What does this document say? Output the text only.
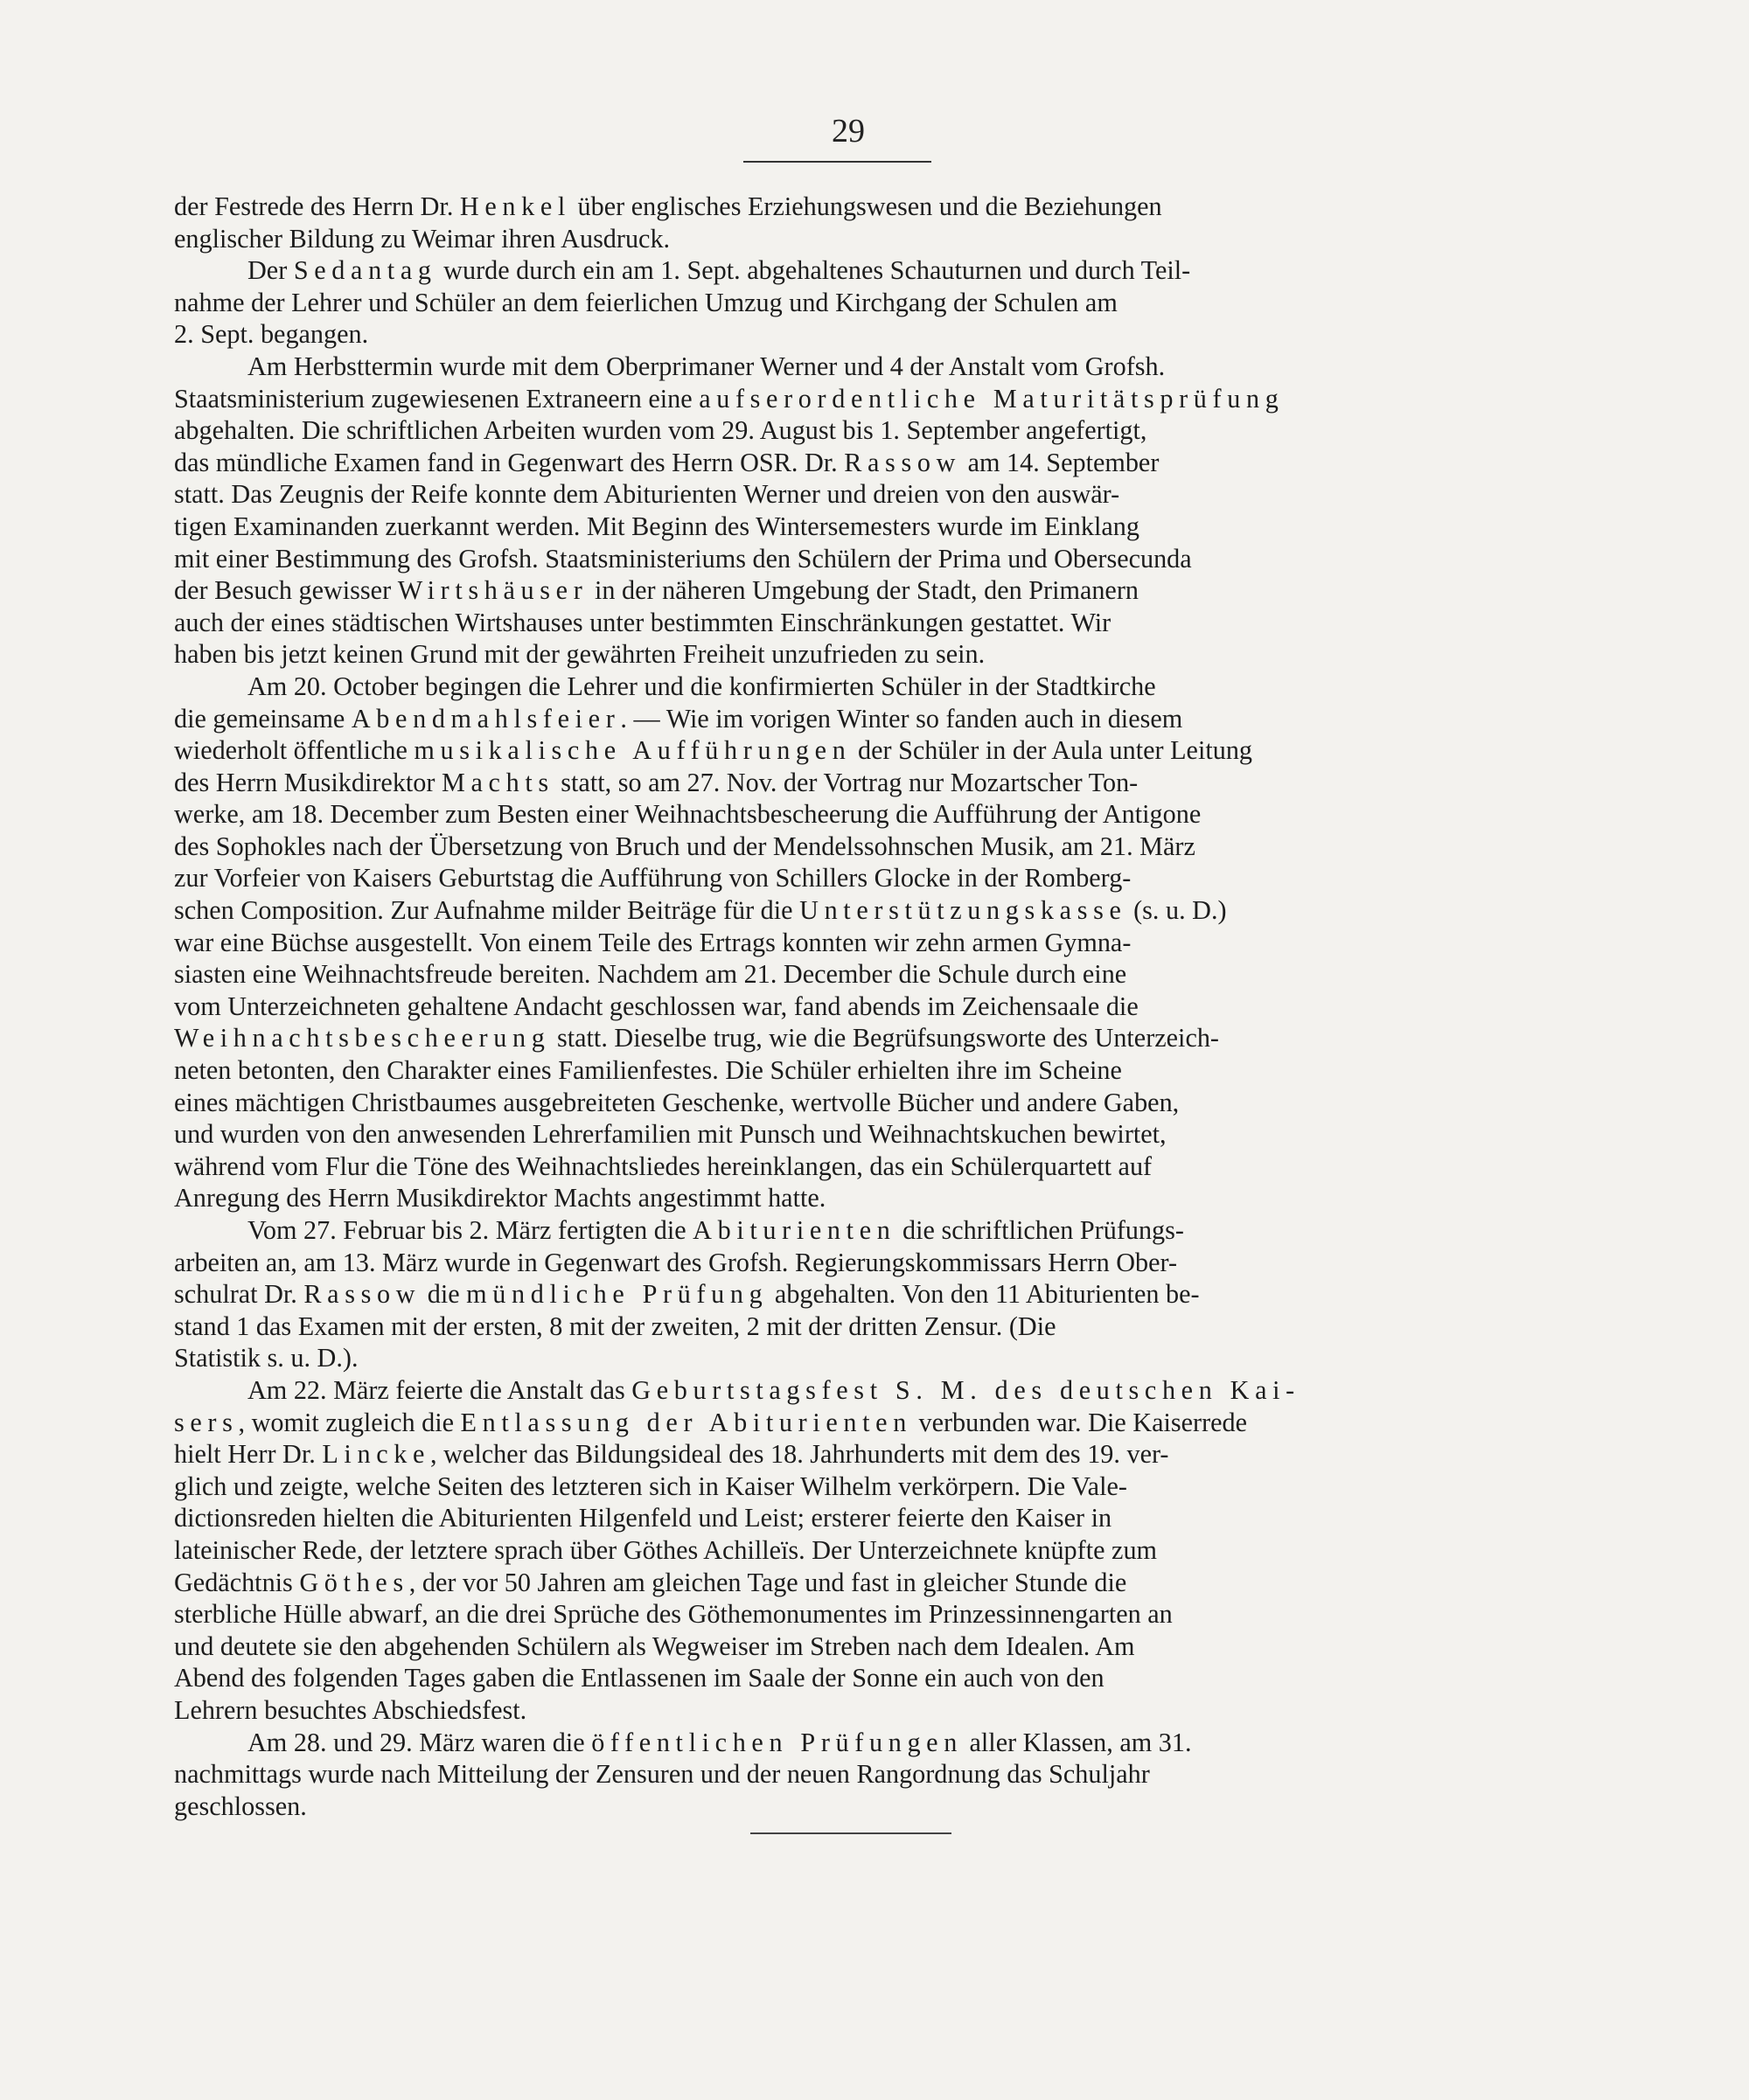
29
der Festrede des Herrn Dr. Henkel über englisches Erziehungswesen und die Beziehungen
englischer Bildung zu Weimar ihren Ausdruck.
Der Sedantag wurde durch ein am 1. Sept. abgehaltenes Schauturnen und durch Teil-
nahme der Lehrer und Schüler an dem feierlichen Umzug und Kirchgang der Schulen am
2. Sept. begangen.
Am Herbsttermin wurde mit dem Oberprimaner Werner und 4 der Anstalt vom Grofsh.
Staatsministerium zugewiesenen Extraneern eine aufserordentliche Maturitätsprüfung
abgehalten. Die schriftlichen Arbeiten wurden vom 29. August bis 1. September angefertigt,
das mündliche Examen fand in Gegenwart des Herrn OSR. Dr. Rassow am 14. September
statt. Das Zeugnis der Reife konnte dem Abiturienten Werner und dreien von den auswär-
tigen Examinanden zuerkannt werden. Mit Beginn des Wintersemesters wurde im Einklang
mit einer Bestimmung des Grofsh. Staatsministeriums den Schülern der Prima und Obersecunda
der Besuch gewisser Wirtshäuser in der näheren Umgebung der Stadt, den Primanern
auch der eines städtischen Wirtshauses unter bestimmten Einschränkungen gestattet. Wir
haben bis jetzt keinen Grund mit der gewährten Freiheit unzufrieden zu sein.
Am 20. October begingen die Lehrer und die konfirmierten Schüler in der Stadtkirche
die gemeinsame Abendmahlsfeier. — Wie im vorigen Winter so fanden auch in diesem
wiederholt öffentliche musikalische Aufführungen der Schüler in der Aula unter Leitung
des Herrn Musikdirektor Machts statt, so am 27. Nov. der Vortrag nur Mozartscher Ton-
werke, am 18. December zum Besten einer Weihnachtsbescheerung die Aufführung der Antigone
des Sophokles nach der Übersetzung von Bruch und der Mendelssohnschen Musik, am 21. März
zur Vorfeier von Kaisers Geburtstag die Aufführung von Schillers Glocke in der Romberg-
schen Composition. Zur Aufnahme milder Beiträge für die Unterstützungskasse (s. u. D.)
war eine Büchse ausgestellt. Von einem Teile des Ertrags konnten wir zehn armen Gymna-
siasten eine Weihnachtsfreude bereiten. Nachdem am 21. December die Schule durch eine
vom Unterzeichneten gehaltene Andacht geschlossen war, fand abends im Zeichensaale die
Weihnachtsbescheerung statt. Dieselbe trug, wie die Begrüfsungsworte des Unterzeich-
neten betonten, den Charakter eines Familienfestes. Die Schüler erhielten ihre im Scheine
eines mächtigen Christbaumes ausgebreiteten Geschenke, wertvolle Bücher und andere Gaben,
und wurden von den anwesenden Lehrerfamilien mit Punsch und Weihnachtskuchen bewirtet,
während vom Flur die Töne des Weihnachtsliedes hereinklangen, das ein Schülerquartett auf
Anregung des Herrn Musikdirektor Machts angestimmt hatte.
Vom 27. Februar bis 2. März fertigten die Abiturienten die schriftlichen Prüfungs-
arbeiten an, am 13. März wurde in Gegenwart des Grofsh. Regierungskommissars Herrn Ober-
schulrat Dr. Rassow die mündliche Prüfung abgehalten. Von den 11 Abiturienten be-
stand 1 das Examen mit der ersten, 8 mit der zweiten, 2 mit der dritten Zensur. (Die
Statistik s. u. D.).
Am 22. März feierte die Anstalt das Geburtstagsfest S. M. des deutschen Kai-
sers, womit zugleich die Entlassung der Abiturienten verbunden war. Die Kaiserrede
hielt Herr Dr. Lincke, welcher das Bildungsideal des 18. Jahrhunderts mit dem des 19. ver-
glich und zeigte, welche Seiten des letzteren sich in Kaiser Wilhelm verkörpern. Die Vale-
dictionsreden hielten die Abiturienten Hilgenfeld und Leist; ersterer feierte den Kaiser in
lateinischer Rede, der letztere sprach über Göthes Achilleïs. Der Unterzeichnete knüpfte zum
Gedächtnis Göthes, der vor 50 Jahren am gleichen Tage und fast in gleicher Stunde die
sterbliche Hülle abwarf, an die drei Sprüche des Göthemonumentes im Prinzessinnengarten an
und deutete sie den abgehenden Schülern als Wegweiser im Streben nach dem Idealen. Am
Abend des folgenden Tages gaben die Entlassenen im Saale der Sonne ein auch von den
Lehrern besuchtes Abschiedsfest.
Am 28. und 29. März waren die öffentlichen Prüfungen aller Klassen, am 31.
nachmittags wurde nach Mitteilung der Zensuren und der neuen Rangordnung das Schuljahr
geschlossen.
